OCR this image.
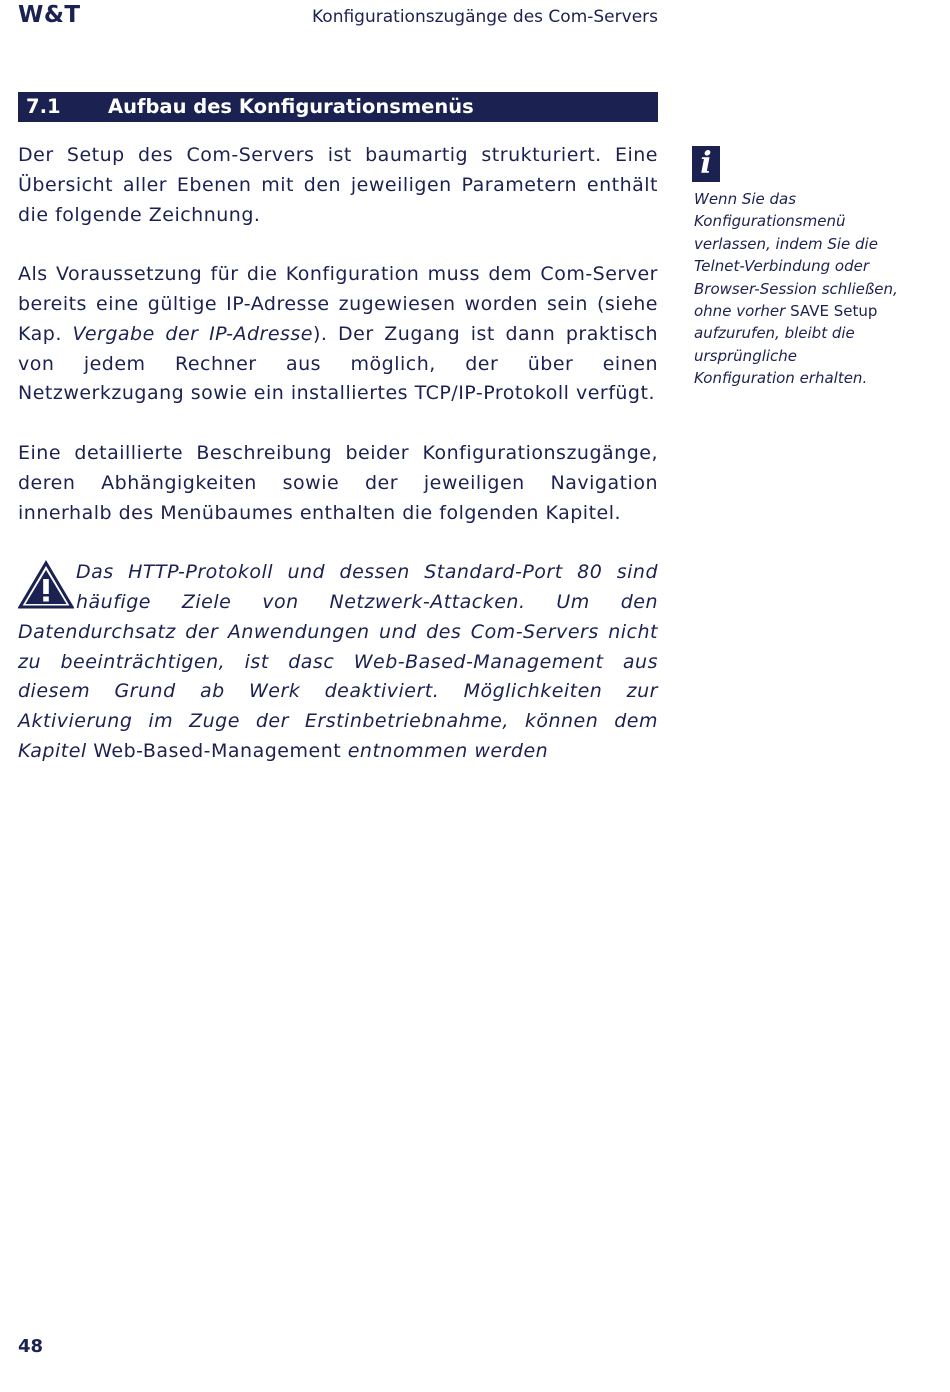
W&T	Konfigurationszugänge des Com-Servers
7.1 Aufbau des Konfigurationsmenüs

Der Setup des Com-Servers ist baumartig strukturiert. Eine Übersicht aller Ebenen mit den jeweiligen Parametern enthält die folgende Zeichnung.

Als Voraussetzung für die Konfiguration muss dem Com-Server bereits eine gültige IP-Adresse zugewiesen worden sein (siehe Kap. Vergabe der IP-Adresse). Der Zugang ist dann praktisch von jedem Rechner aus möglich, der über einen Netzwerkzugang sowie ein installiertes TCP/IP-Protokoll verfügt.

Eine detaillierte Beschreibung beider Konfigurationszugänge, deren Abhängigkeiten sowie der jeweiligen Navigation innerhalb des Menübaumes enthalten die folgenden Kapitel.

Das HTTP-Protokoll und dessen Standard-Port 80 sind häufige Ziele von Netzwerk-Attacken. Um den Datendurchsatz der Anwendungen und des Com-Servers nicht zu beeinträchtigen, ist dasc Web-Based-Management aus diesem Grund ab Werk deaktiviert. Möglichkeiten zur Aktivierung im Zuge der Erstinbetriebnahme, können dem Kapitel Web-Based-Management entnommen werden

i
Wenn Sie das Konfigurationsmenü verlassen, indem Sie die Telnet-Verbindung oder Browser-Session schließen, ohne vorher SAVE Setup aufzurufen, bleibt die ursprüngliche Konfiguration erhalten.
48
